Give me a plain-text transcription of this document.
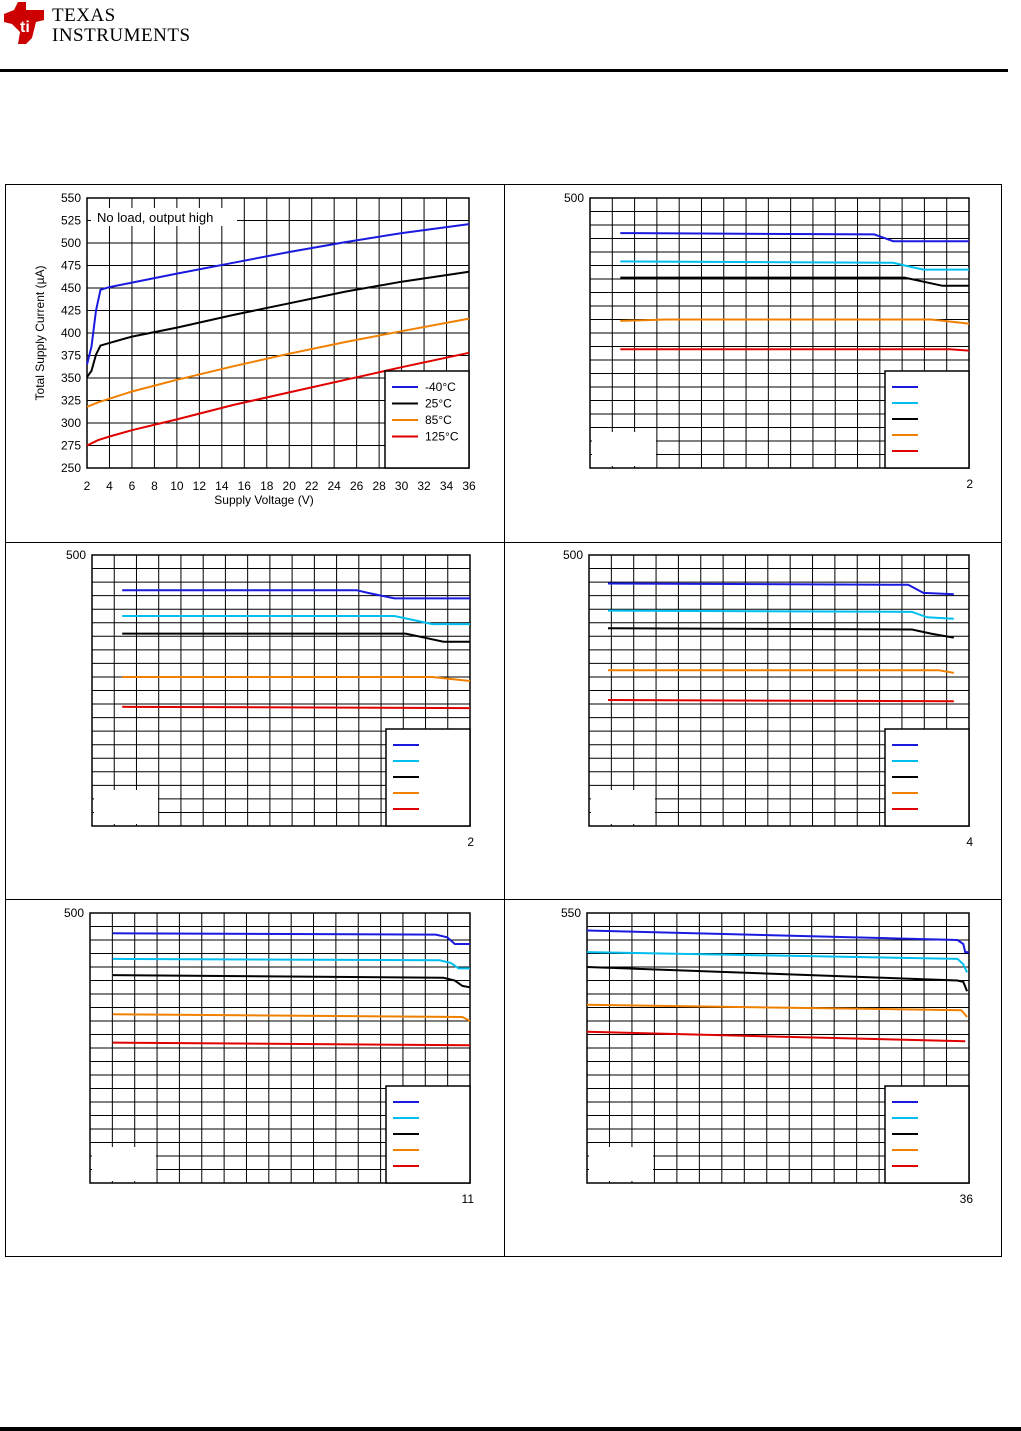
ti
TEXAS
INSTRUMENTS
-40°C
25°C
85°C
125°C
250
275
300
325
350
375
400
425
450
475
500
525
550
2 4 6 8 10 12 14 16 18 20 22 24 26 28 30 32 34 36
Supply Voltage (V)
Total Supply Current (µA)
No load, output high
500
2
500
2
500
4
500
11
550
36
